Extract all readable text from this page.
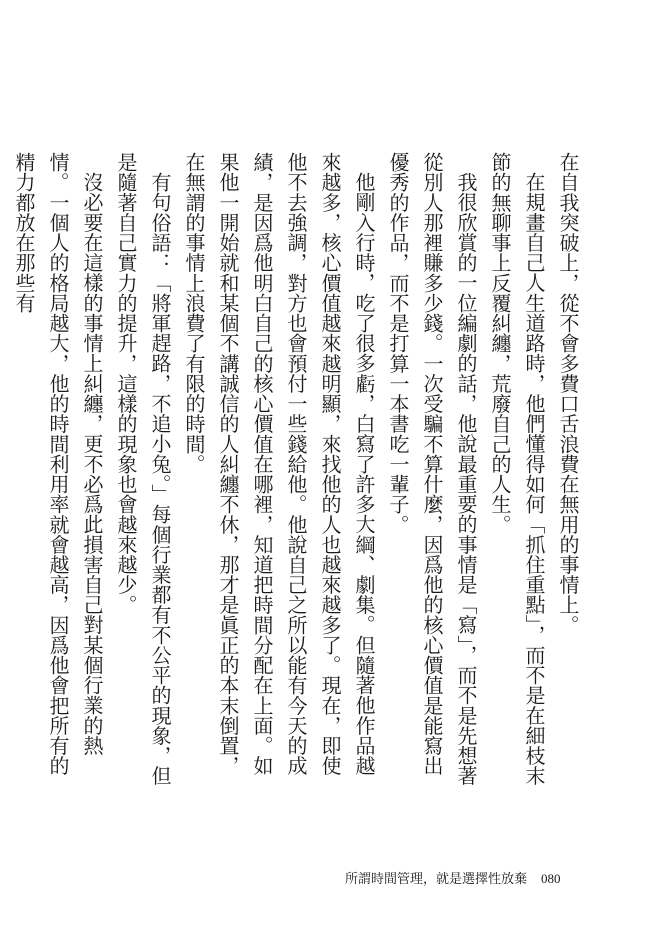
在自我突破上，從不會多費口舌浪費在無用的事情上。

在規畫自己人生道路時，他們懂得如何「抓住重點」，而不是在細枝末節的無聊事上反覆糾纏，荒廢自己的人生。

我很欣賞的一位編劇的話，他說最重要的事情是「寫」，而不是先想著從別人那裡賺多少錢。一次受騙不算什麼，因爲他的核心價值是能寫出優秀的作品，而不是打算一本書吃一輩子。

他剛入行時，吃了很多虧，白寫了許多大綱、劇集。但隨著他作品越來越多，核心價值越來越明顯，來找他的人也越來越多了。現在，即使他不去強調，對方也會預付一些錢給他。他說自己之所以能有今天的成績，是因爲他明白自己的核心價值在哪裡，知道把時間分配在上面。如果他一開始就和某個不講誠信的人糾纏不休，那才是眞正的本末倒置，在無謂的事情上浪費了有限的時間。

有句俗語：「將軍趕路，不追小兔。」每個行業都有不公平的現象，但是隨著自己實力的提升，這樣的現象也會越來越少。

沒必要在這樣的事情上糾纏，更不必爲此損害自己對某個行業的熱情。一個人的格局越大，他的時間利用率就會越高，因爲他會把所有的精力都放在那些有

所謂時間管理，就是選擇性放棄 080
